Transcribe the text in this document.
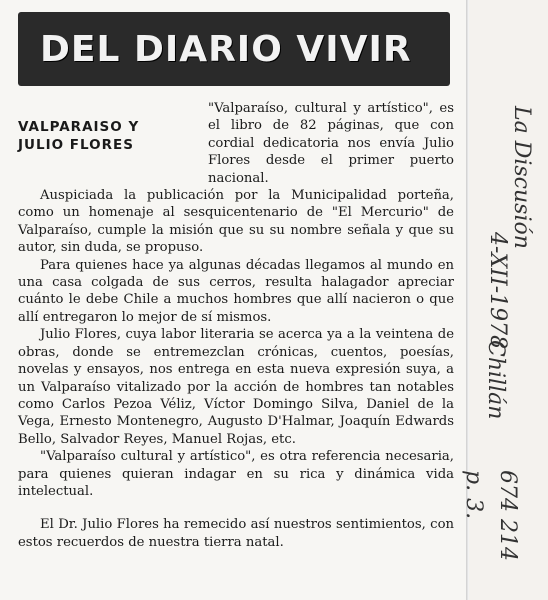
DEL DIARIO VIVIR

"Valparaíso, cultural y artístico", es el libro de 82 páginas, que con cordial dedicatoria nos envía Julio Flores desde el primer puerto nacional.

Auspiciada la publicación por la Municipalidad porteña, como un homenaje al sesquicentenario de "El Mercurio" de Valparaíso, cumple la misión que su su nombre señala y que su autor, sin duda, se propuso.

Para quienes hace ya algunas décadas llegamos al mundo en una casa colgada de sus cerros, resulta halagador apreciar cuánto le debe Chile a muchos hombres que allí nacieron o que allí entregaron lo mejor de sí mismos.

Julio Flores, cuya labor literaria se acerca ya a la veintena de obras, donde se entremezclan crónicas, cuentos, poesías, novelas y ensayos, nos entrega en esta nueva expresión suya, a un Valparaíso vitalizado por la acción de hombres tan notables como Carlos Pezoa Véliz, Víctor Domingo Silva, Daniel de la Vega, Ernesto Montenegro, Augusto D'Halmar, Joaquín Edwards Bello, Salvador Reyes, Manuel Rojas, etc.

"Valparaíso cultural y artístico", es otra referencia necesaria, para quienes quieran indagar en su rica y dinámica vida intelectual.

El Dr. Julio Flores ha remecido así nuestros sentimientos, con estos recuerdos de nuestra tierra natal.

VALPARAISO Y
JULIO FLORES	La Discusión
4-XII-1978
Chillán
p. 3. 674 214
